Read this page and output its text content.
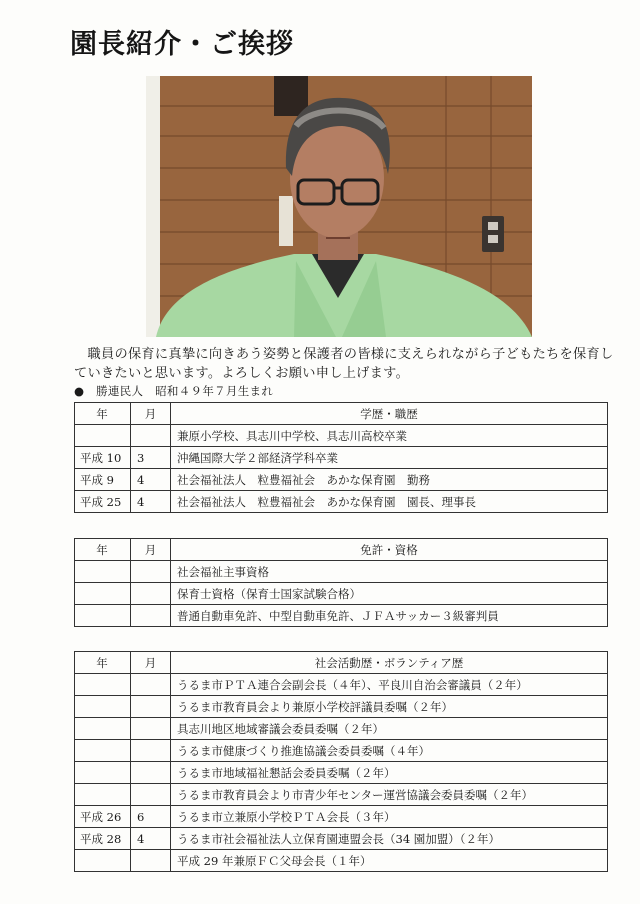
園長紹介・ご挨拶
　職員の保育に真摯に向きあう姿勢と保護者の皆様に支えられながら子どもたちを保育していきたいと思います。よろしくお願い申し上げます。
●　勝連民人　昭和４９年７月生まれ
年	月	学歴・職歴
		兼原小学校、具志川中学校、具志川高校卒業
平成 10	3	沖縄国際大学２部経済学科卒業
平成 9	4	社会福祉法人　粒豊福祉会　あかな保育園　勤務
平成 25	4	社会福祉法人　粒豊福祉会　あかな保育園　園長、理事長
年	月	免許・資格
		社会福祉主事資格
		保育士資格（保育士国家試験合格）
		普通自動車免許、中型自動車免許、ＪＦＡサッカー３級審判員
年	月	社会活動歴・ボランティア歴
		うるま市ＰＴＡ連合会副会長（４年）、平良川自治会審議員（２年）
		うるま市教育員会より兼原小学校評議員委嘱（２年）
		具志川地区地域審議会委員委嘱（２年）
		うるま市健康づくり推進協議会委員委嘱（４年）
		うるま市地域福祉懇話会委員委嘱（２年）
		うるま市教育員会より市青少年センター運営協議会委員委嘱（２年）
平成 26	6	うるま市立兼原小学校ＰＴＡ会長（３年）
平成 28	4	うるま市社会福祉法人立保育園連盟会長（34 園加盟）（２年）
		平成 29 年兼原ＦＣ父母会長（１年）
